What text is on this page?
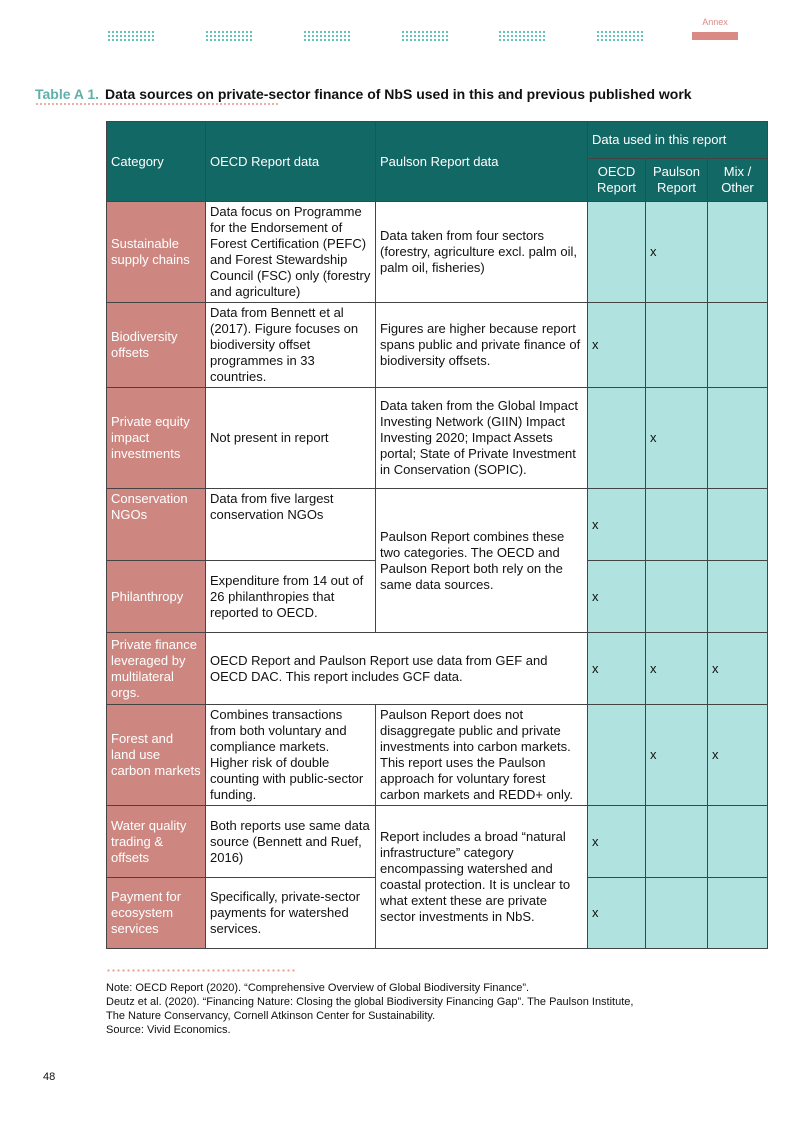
Annex
Table A 1. Data sources on private-sector finance of NbS used in this and previous published work
Category	OECD Report data	Paulson Report data	Data used in this report		
			OECD Report	Paulson Report	Mix / Other
Sustainable supply chains	Data focus on Programme for the Endorsement of Forest Certification (PEFC) and Forest Stewardship Council (FSC) only (forestry and agriculture)	Data taken from four sectors (forestry, agriculture excl. palm oil, palm oil, fisheries)		x	
Biodiversity offsets	Data from Bennett et al (2017). Figure focuses on biodiversity offset programmes in 33 countries.	Figures are higher because report spans public and private finance of biodiversity offsets.	x		
Private equity impact investments	Not present in report	Data taken from the Global Impact Investing Network (GIIN) Impact Investing 2020; Impact Assets portal; State of Private Investment in Conservation (SOPIC).		x	
Conservation NGOs	Data from five largest conservation NGOs	Paulson Report combines these two categories. The OECD and Paulson Report both rely on the same data sources.	x		
Philanthropy	Expenditure from 14 out of 26 philanthropies that reported to OECD.		x		
Private finance leveraged by multilateral orgs.	OECD Report and Paulson Report use data from GEF and OECD DAC. This report includes GCF data.		x	x	x
Forest and land use carbon markets	Combines transactions from both voluntary and compliance markets. Higher risk of double counting with public-sector funding.	Paulson Report does not disaggregate public and private investments into carbon markets. This report uses the Paulson approach for voluntary forest carbon markets and REDD+ only.		x	x
Water quality trading & offsets	Both reports use same data source (Bennett and Ruef, 2016)	Report includes a broad “natural infrastructure” category encompassing watershed and coastal protection. It is unclear to what extent these are private sector investments in NbS.	x		
Payment for ecosystem services	Specifically, private-sector payments for watershed services.		x		
Note: OECD Report (2020). “Comprehensive Overview of Global Biodiversity Finance”.
Deutz et al. (2020). “Financing Nature: Closing the global Biodiversity Financing Gap”. The Paulson Institute,
The Nature Conservancy, Cornell Atkinson Center for Sustainability.
Source: Vivid Economics.
48
